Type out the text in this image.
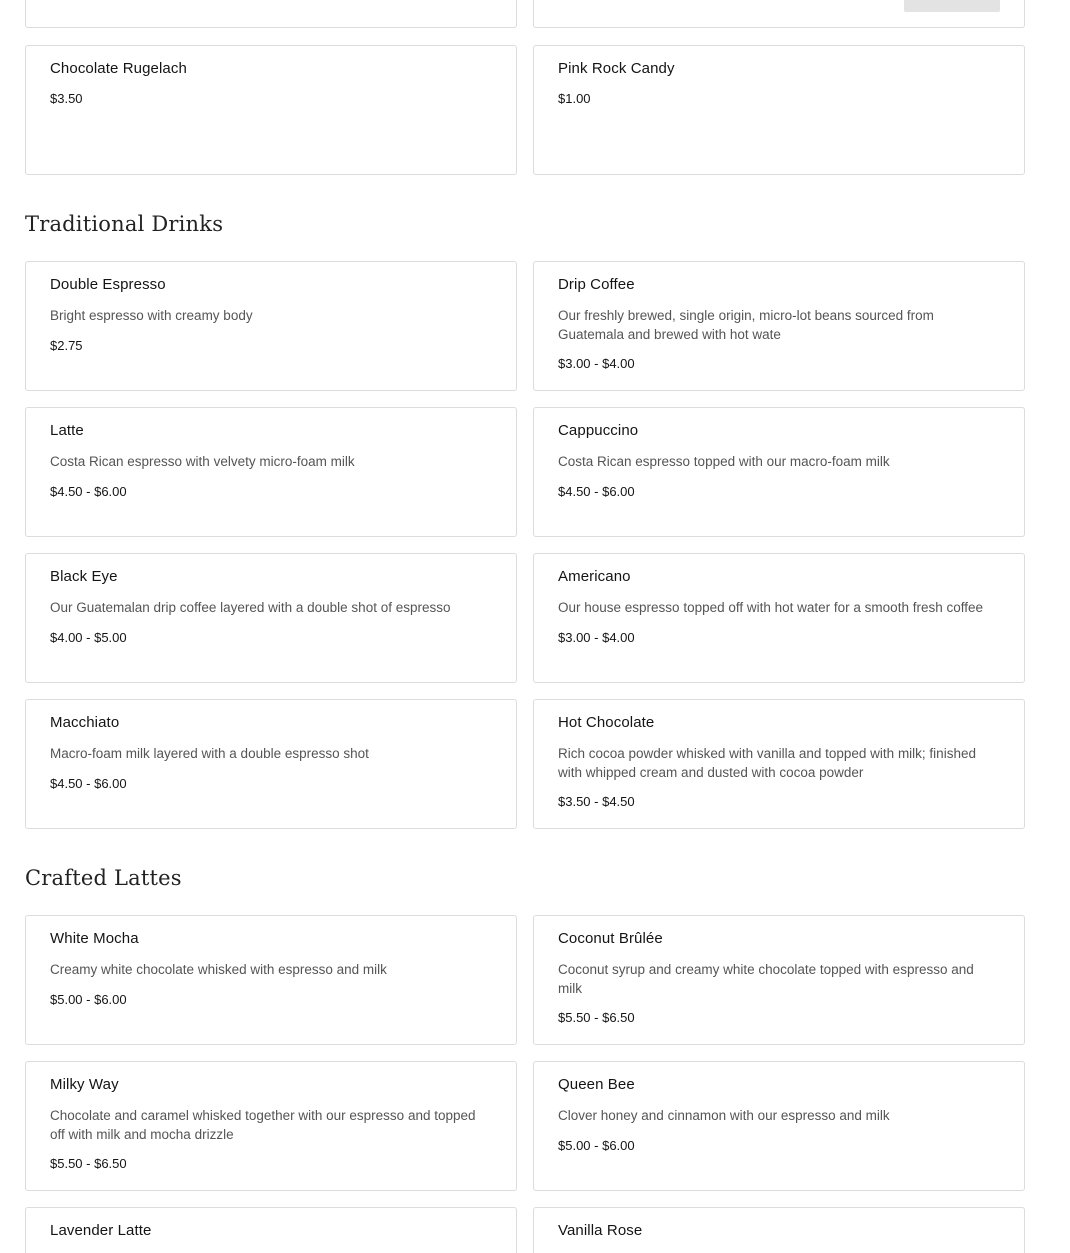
Chocolate Rugelach
$3.50
Pink Rock Candy
$1.00
Traditional Drinks
Double Espresso
Bright espresso with creamy body
$2.75
Drip Coffee
Our freshly brewed, single origin, micro-lot beans sourced from Guatemala and brewed with hot wate
$3.00 - $4.00
Latte
Costa Rican espresso with velvety micro-foam milk
$4.50 - $6.00
Cappuccino
Costa Rican espresso topped with our macro-foam milk
$4.50 - $6.00
Black Eye
Our Guatemalan drip coffee layered with a double shot of espresso
$4.00 - $5.00
Americano
Our house espresso topped off with hot water for a smooth fresh coffee
$3.00 - $4.00
Macchiato
Macro-foam milk layered with a double espresso shot
$4.50 - $6.00
Hot Chocolate
Rich cocoa powder whisked with vanilla and topped with milk; finished with whipped cream and dusted with cocoa powder
$3.50 - $4.50
Crafted Lattes
White Mocha
Creamy white chocolate whisked with espresso and milk
$5.00 - $6.00
Coconut Brûlée
Coconut syrup and creamy white chocolate topped with espresso and milk
$5.50 - $6.50
Milky Way
Chocolate and caramel whisked together with our espresso and topped off with milk and mocha drizzle
$5.50 - $6.50
Queen Bee
Clover honey and cinnamon with our espresso and milk
$5.00 - $6.00
Lavender Latte	Vanilla Rose
